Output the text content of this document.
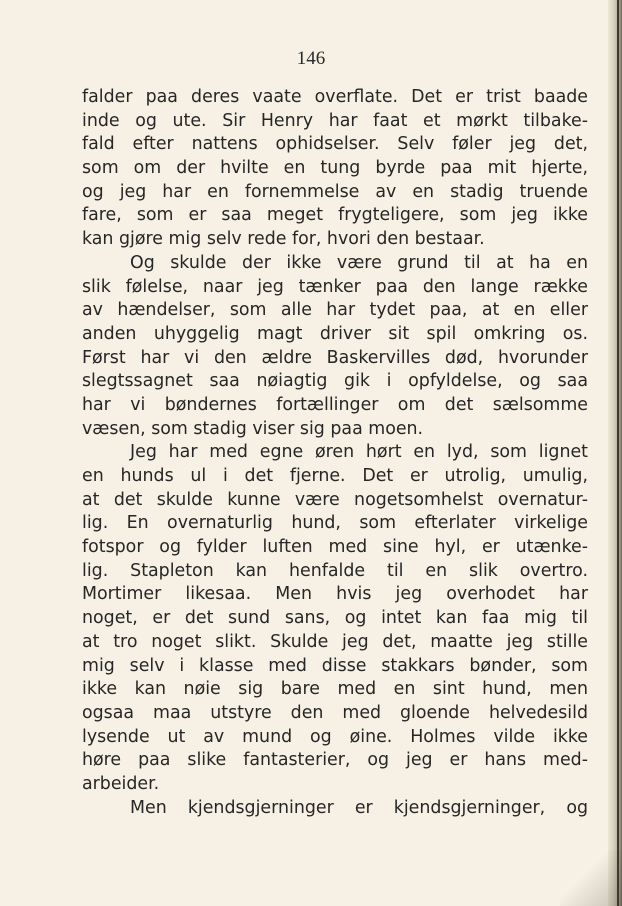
146
falder paa deres vaate overflate. Det er trist baade
inde og ute. Sir Henry har faat et mørkt tilbake-
fald efter nattens ophidselser. Selv føler jeg det,
som om der hvilte en tung byrde paa mit hjerte,
og jeg har en fornemmelse av en stadig truende
fare, som er saa meget frygteligere, som jeg ikke
kan gjøre mig selv rede for, hvori den bestaar.
Og skulde der ikke være grund til at ha en
slik følelse, naar jeg tænker paa den lange række
av hændelser, som alle har tydet paa, at en eller
anden uhyggelig magt driver sit spil omkring os.
Først har vi den ældre Baskervilles død, hvorunder
slegtssagnet saa nøiagtig gik i opfyldelse, og saa
har vi bøndernes fortællinger om det sælsomme
væsen, som stadig viser sig paa moen.
Jeg har med egne øren hørt en lyd, som lignet
en hunds ul i det fjerne. Det er utrolig, umulig,
at det skulde kunne være nogetsomhelst overnatur-
lig. En overnaturlig hund, som efterlater virkelige
fotspor og fylder luften med sine hyl, er utænke-
lig. Stapleton kan henfalde til en slik overtro.
Mortimer likesaa. Men hvis jeg overhodet har
noget, er det sund sans, og intet kan faa mig til
at tro noget slikt. Skulde jeg det, maatte jeg stille
mig selv i klasse med disse stakkars bønder, som
ikke kan nøie sig bare med en sint hund, men
ogsaa maa utstyre den med gloende helvedesild
lysende ut av mund og øine. Holmes vilde ikke
høre paa slike fantasterier, og jeg er hans med-
arbeider.
Men kjendsgjerninger er kjendsgjerninger, og
